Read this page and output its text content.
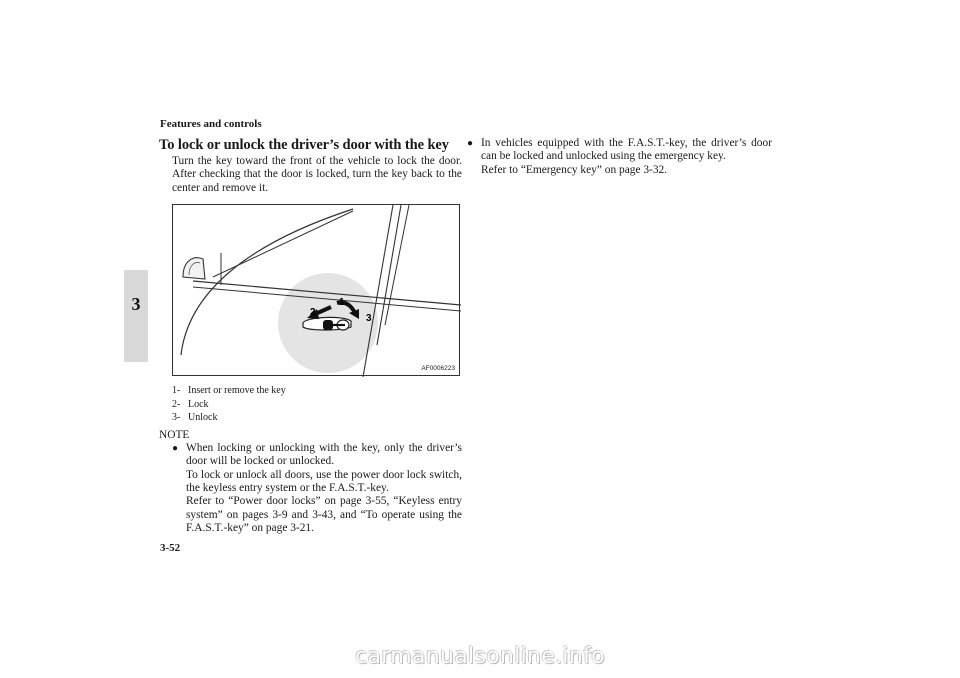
3
Features and controls
To lock or unlock the driver’s door with the key
Turn the key toward the front of the vehicle to lock the door. After checking that the door is locked, turn the key back to the center and remove it.
1
2
3
AF0006223
1- Insert or remove the key
2- Lock
3- Unlock
NOTE
● When locking or unlocking with the key, only the driver’s door will be locked or unlocked.

To lock or unlock all doors, use the power door lock switch, the keyless entry system or the F.A.S.T.-key.

Refer to “Power door locks” on page 3-55, “Keyless entry system” on pages 3-9 and 3-43, and “To operate using the F.A.S.T.-key” on page 3-21.

● In vehicles equipped with the F.A.S.T.-key, the driver’s door can be locked and unlocked using the emergency key.

Refer to “Emergency key” on page 3-32.

3-52
carmanualsonline.info
